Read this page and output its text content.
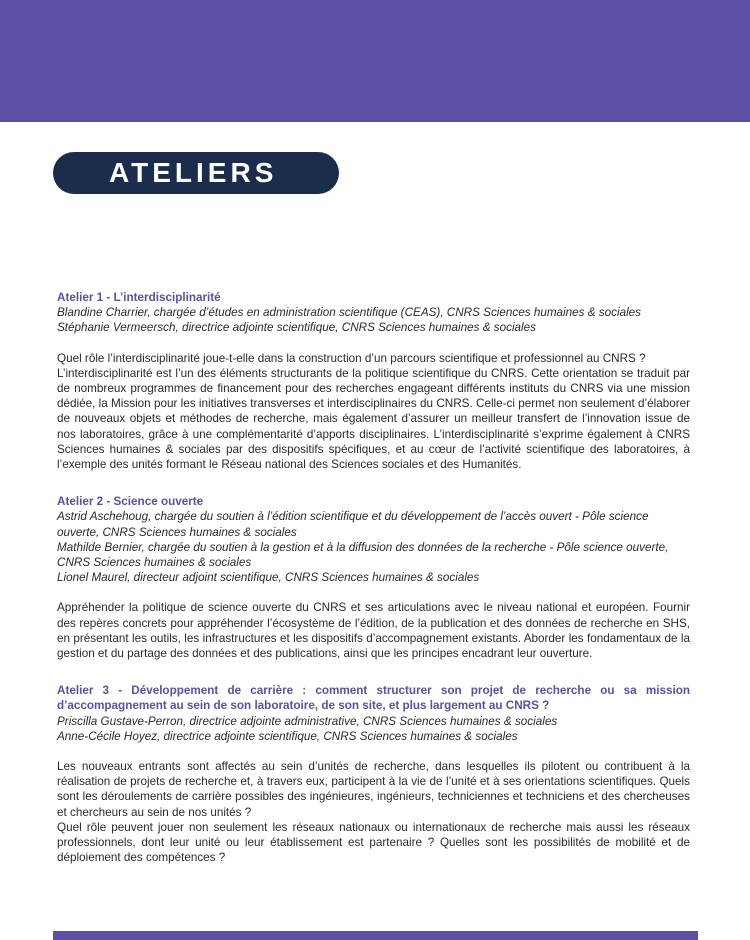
ATELIERS

Atelier 1 - L’interdisciplinarité

Blandine Charrier, chargée d’études en administration scientifique (CEAS), CNRS Sciences humaines & sociales

Stéphanie Vermeersch, directrice adjointe scientifique, CNRS Sciences humaines & sociales

Quel rôle l’interdisciplinarité joue-t-elle dans la construction d’un parcours scientifique et professionnel au CNRS ?

L’interdisciplinarité est l’un des éléments structurants de la politique scientifique du CNRS. Cette orientation se traduit par de nombreux programmes de financement pour des recherches engageant différents instituts du CNRS via une mission dédiée, la Mission pour les initiatives transverses et interdisciplinaires du CNRS. Celle-ci permet non seulement d’élaborer de nouveaux objets et méthodes de recherche, mais également d’assurer un meilleur transfert de l’innovation issue de nos laboratoires, grâce à une complémentarité d’apports disciplinaires. L’interdisciplinarité s’exprime également à CNRS Sciences humaines & sociales par des dispositifs spécifiques, et au cœur de l’activité scientifique des laboratoires, à l’exemple des unités formant le Réseau national des Sciences sociales et des Humanités.

Atelier 2 - Science ouverte

Astrid Aschehoug, chargée du soutien à l’édition scientifique et du développement de l’accès ouvert - Pôle science ouverte, CNRS Sciences humaines & sociales

Mathilde Bernier, chargée du soutien à la gestion et à la diffusion des données de la recherche - Pôle science ouverte, CNRS Sciences humaines & sociales

Lionel Maurel, directeur adjoint scientifique, CNRS Sciences humaines & sociales

Appréhender la politique de science ouverte du CNRS et ses articulations avec le niveau national et européen. Fournir des repères concrets pour appréhender l’écosystème de l’édition, de la publication et des données de recherche en SHS, en présentant les outils, les infrastructures et les dispositifs d’accompagnement existants. Aborder les fondamentaux de la gestion et du partage des données et des publications, ainsi que les principes encadrant leur ouverture.

Atelier 3 - Développement de carrière : comment structurer son projet de recherche ou sa mission d’accompagnement au sein de son laboratoire, de son site, et plus largement au CNRS ?

Priscilla Gustave-Perron, directrice adjointe administrative, CNRS Sciences humaines & sociales

Anne-Cécile Hoyez, directrice adjointe scientifique, CNRS Sciences humaines & sociales

Les nouveaux entrants sont affectés au sein d’unités de recherche, dans lesquelles ils pilotent ou contribuent à la réalisation de projets de recherche et, à travers eux, participent à la vie de l’unité et à ses orientations scientifiques. Quels sont les déroulements de carrière possibles des ingénieures, ingénieurs, techniciennes et techniciens et des chercheuses et chercheurs au sein de nos unités ?

Quel rôle peuvent jouer non seulement les réseaux nationaux ou internationaux de recherche mais aussi les réseaux professionnels, dont leur unité ou leur établissement est partenaire ? Quelles sont les possibilités de mobilité et de déploiement des compétences ?
